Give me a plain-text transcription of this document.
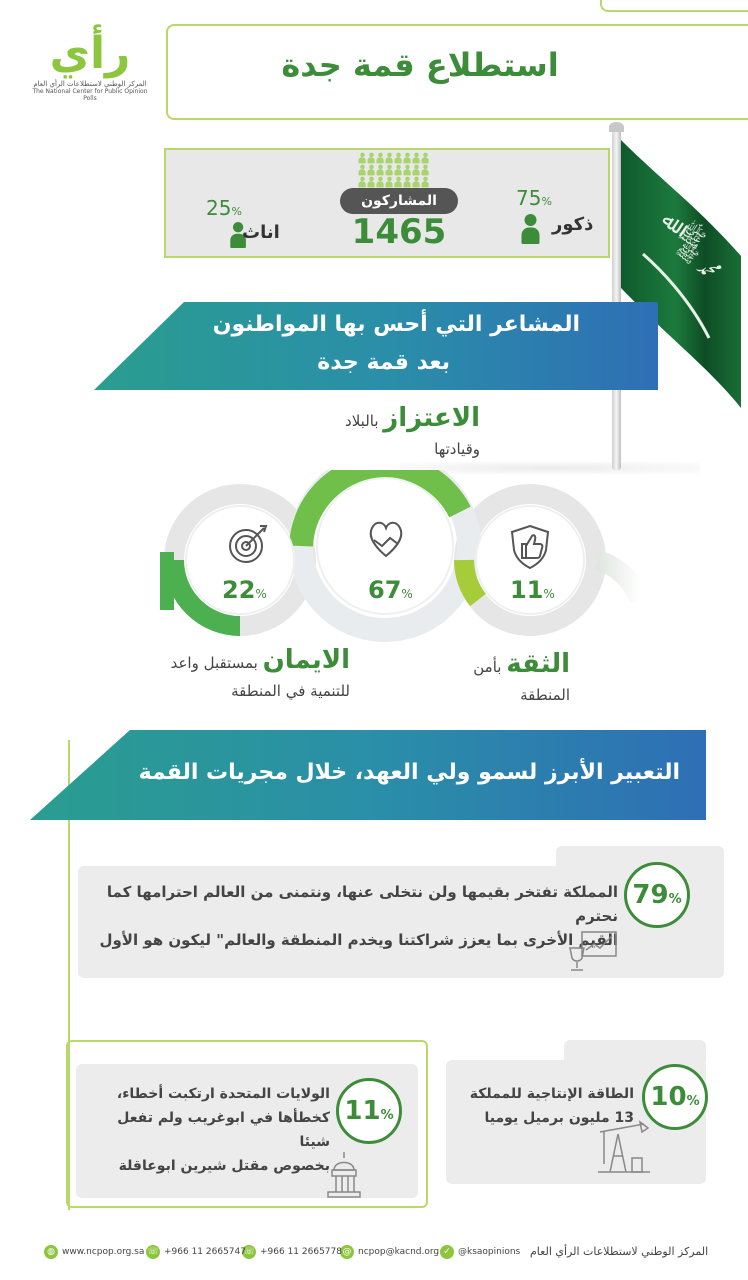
رأي
المركز الوطني لاستطلاعات الرأي العام
The National Center for Public Opinion Polls
استطلاع قمة جدة

المشاركون
1465
75%

ذكور
25%
اناث	ﷺ ﷲ
ﷴ ﷺ
المشاعر التي أحس بها المواطنون
بعد قمة جدة
الاعتزاز بالبلاد
وقيادتها
22%	67%	11%
الايمان بمستقبل واعد
للتنمية في المنطقة
الثقة بأمن
المنطقة
التعبير الأبرز لسمو ولي العهد، خلال مجريات القمة
79%
المملكة تفتخر بقيمها ولن نتخلى عنها، ونتمنى من العالم احترامها كما نحترم
القيم الأخرى بما يعزز شراكتنا ويخدم المنطقة والعالم" ليكون هو الأول
11%
الولايات المتحدة ارتكبت أخطاء،
كخطأها في ابوغريب ولم تفعل شيئا
بخصوص مقتل شيرين ابوعاقلة
10%
الطاقة الإنتاجية للمملكة
13 مليون برميل يوميا
المركز الوطني لاستطلاعات الرأي العام
✓ @ksaopinions
@ ncpop@kacnd.org
☏ +966 11 2665778
☏ +966 11 2665747
◍ www.ncpop.org.sa
